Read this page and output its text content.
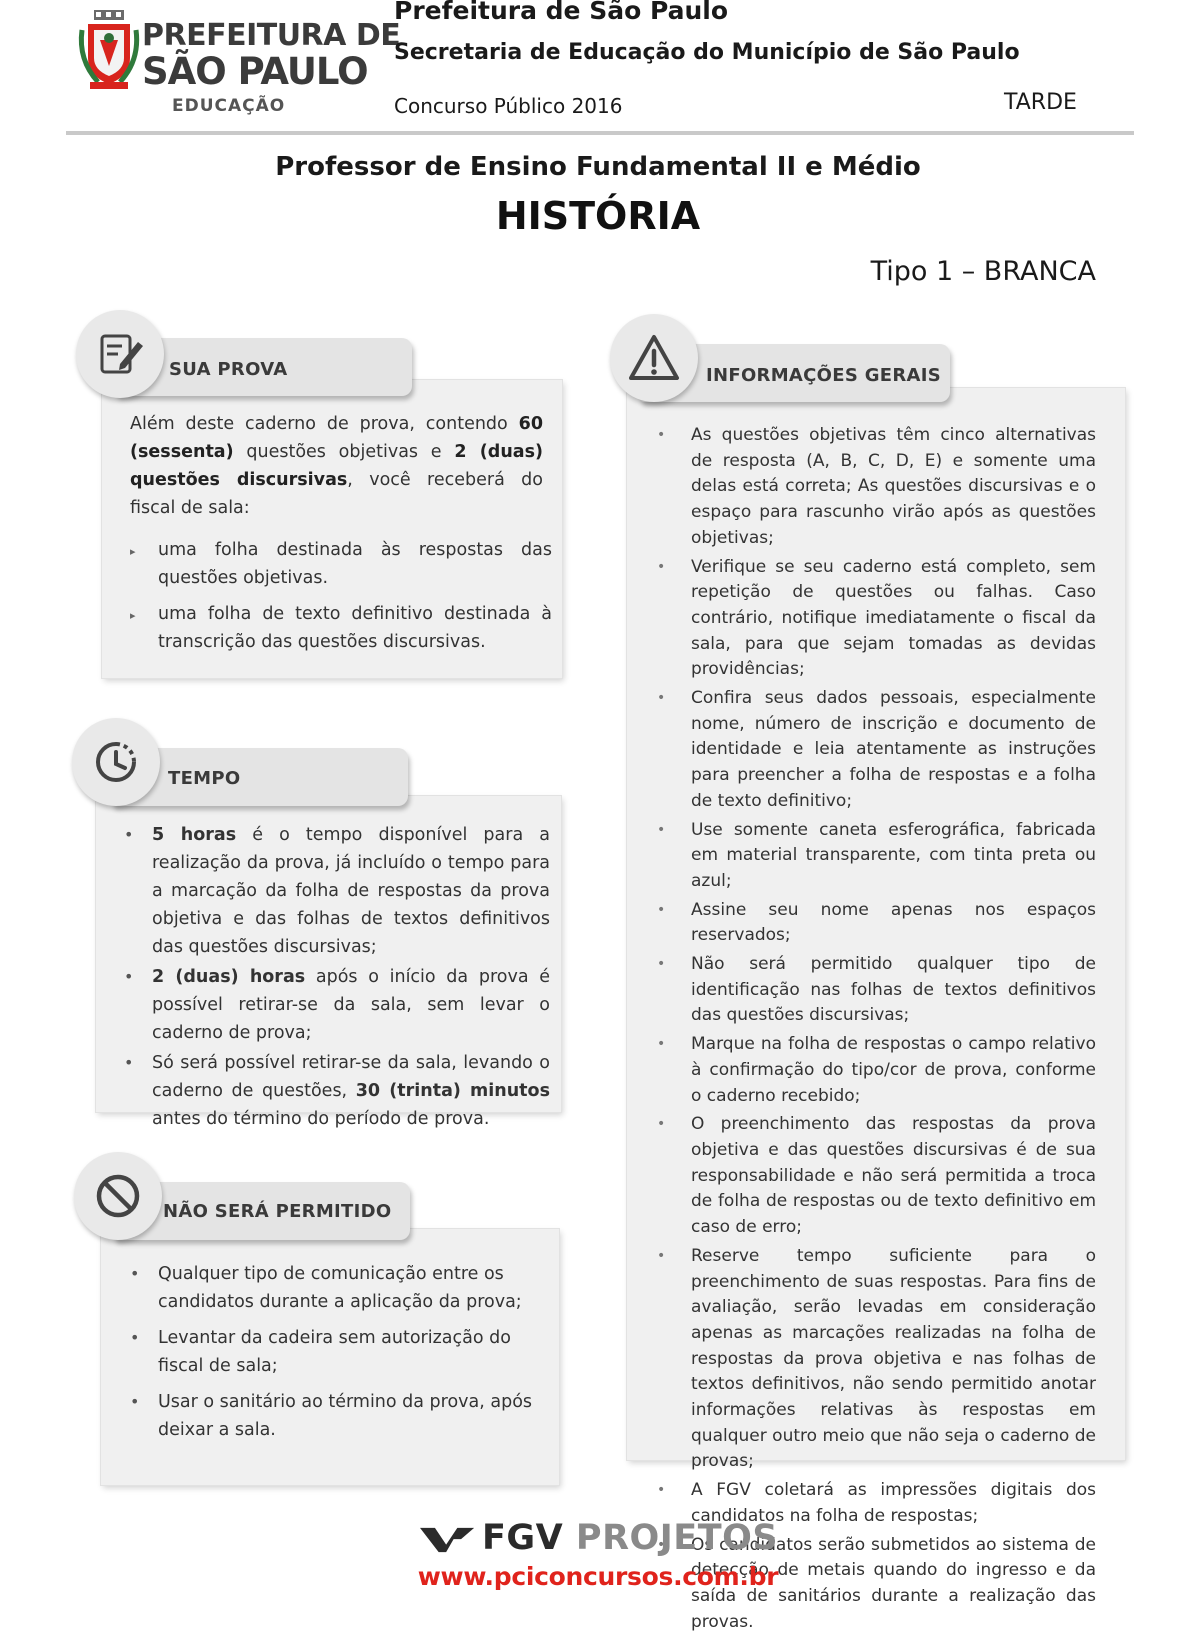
PREFEITURA DE
SÃO PAULO
EDUCAÇÃO
Prefeitura de São Paulo
Secretaria de Educação do Município de São Paulo
Concurso Público 2016	TARDE
Professor de Ensino Fundamental II e Médio
HISTÓRIA
Tipo 1 – BRANCA
SUA PROVA
Além deste caderno de prova, contendo 60 (sessenta) questões objetivas e 2 (duas) questões discursivas, você receberá do fiscal de sala:
▸ uma folha destinada às respostas das questões objetivas.
▸ uma folha de texto definitivo destinada à transcrição das questões discursivas.
TEMPO
• 5 horas é o tempo disponível para a realização da prova, já incluído o tempo para a marcação da folha de respostas da prova objetiva e das folhas de textos definitivos das questões discursivas;
• 2 (duas) horas após o início da prova é possível retirar-se da sala, sem levar o caderno de prova;
• Só será possível retirar-se da sala, levando o caderno de questões, 30 (trinta) minutos antes do término do período de prova.
NÃO SERÁ PERMITIDO
• Qualquer tipo de comunicação entre os candidatos durante a aplicação da prova;
• Levantar da cadeira sem autorização do fiscal de sala;
• Usar o sanitário ao término da prova, após deixar a sala.
INFORMAÇÕES GERAIS
• As questões objetivas têm cinco alternativas de resposta (A, B, C, D, E) e somente uma delas está correta; As questões discursivas e o espaço para rascunho virão após as questões objetivas;
• Verifique se seu caderno está completo, sem repetição de questões ou falhas. Caso contrário, notifique imediatamente o fiscal da sala, para que sejam tomadas as devidas providências;
• Confira seus dados pessoais, especialmente nome, número de inscrição e documento de identidade e leia atentamente as instruções para preencher a folha de respostas e a folha de texto definitivo;
• Use somente caneta esferográfica, fabricada em material transparente, com tinta preta ou azul;
• Assine seu nome apenas nos espaços reservados;
• Não será permitido qualquer tipo de identificação nas folhas de textos definitivos das questões discursivas;
• Marque na folha de respostas o campo relativo à confirmação do tipo/cor de prova, conforme o caderno recebido;
• O preenchimento das respostas da prova objetiva e das questões discursivas é de sua responsabilidade e não será permitida a troca de folha de respostas ou de texto definitivo em caso de erro;
• Reserve tempo suficiente para o preenchimento de suas respostas. Para fins de avaliação, serão levadas em consideração apenas as marcações realizadas na folha de respostas da prova objetiva e nas folhas de textos definitivos, não sendo permitido anotar informações relativas às respostas em qualquer outro meio que não seja o caderno de provas;
• A FGV coletará as impressões digitais dos candidatos na folha de respostas;
• Os candidatos serão submetidos ao sistema de detecção de metais quando do ingresso e da saída de sanitários durante a realização das provas.
FGV PROJETOS
www.pciconcursos.com.br
